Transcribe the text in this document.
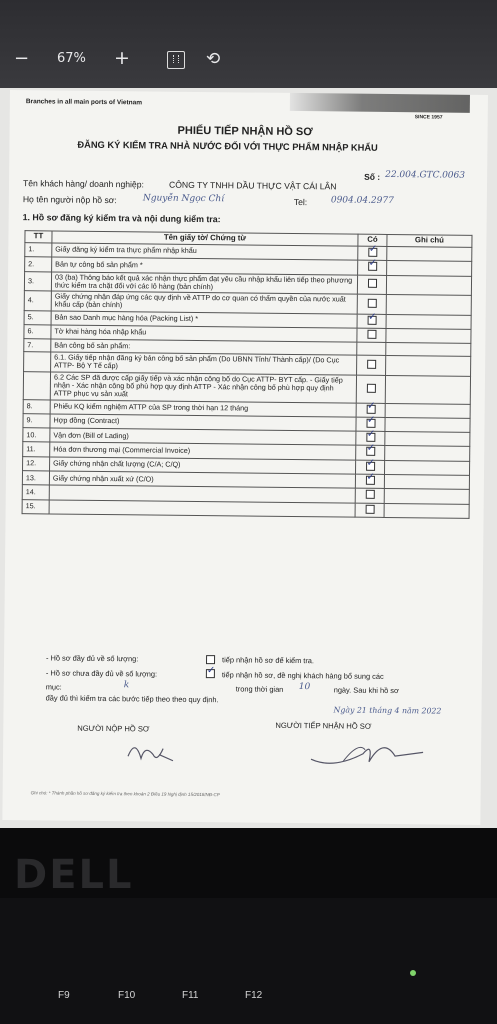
− 67% +	⟲
Branches in all main ports of Vietnam
SINCE 1957
PHIẾU TIẾP NHẬN HỒ SƠ
ĐĂNG KÝ KIỂM TRA NHÀ NƯỚC ĐỐI VỚI THỰC PHẨM NHẬP KHẨU
Số : 22.004.GTC.0063
Tên khách hàng/ doanh nghiệp:	CÔNG TY TNHH DẦU THỰC VẬT CÁI LÂN
Họ tên người nộp hồ sơ:	Nguyễn Ngọc Chí	Tel:	0904.04.2977
1. Hồ sơ đăng ký kiểm tra và nội dung kiểm tra:
TT	Tên giấy tờ/ Chứng từ	Có	Ghi chú
1.	Giấy đăng ký kiểm tra thực phẩm nhập khẩu	✓	
2.	Bản tự công bố sản phẩm *	✓	
3.	03 (ba) Thông báo kết quả xác nhận thực phẩm đạt yêu cầu nhập khẩu liên tiếp theo phương thức kiểm tra chặt đối với các lô hàng (bản chính)		
4.	Giấy chứng nhận đáp ứng các quy định về ATTP do cơ quan có thẩm quyền của nước xuất khẩu cấp (bản chính)		
5.	Bản sao Danh mục hàng hóa (Packing List) *	✓	
6.	Tờ khai hàng hóa nhập khẩu		
7.	Bản công bố sản phẩm:		
	6.1. Giấy tiếp nhận đăng ký bản công bố sản phẩm (Do UBNN Tỉnh/ Thành cấp)/ (Do Cục ATTP- Bộ Y Tế cấp)		
	6.2 Các SP đã được cấp giấy tiếp và xác nhận công bố do Cục ATTP- BYT cấp. - Giấy tiếp nhận - Xác nhận công bố phù hợp quy định ATTP - Xác nhận công bố phù hợp quy định ATTP phục vụ sản xuất		
8.	Phiếu KQ kiểm nghiệm ATTP của SP trong thời hạn 12 tháng	✓	
9.	Hợp đồng (Contract)	✓	
10.	Vận đơn (Bill of Lading)	✓	
11.	Hóa đơn thương mại (Commercial Invoice)	✓	
12.	Giấy chứng nhận chất lượng (C/A; C/Q)	✓	
13.	Giấy chứng nhận xuất xứ (C/O)	✓	
14.			
15.			
- Hồ sơ đầy đủ về số lượng:	tiếp nhận hồ sơ để kiểm tra.
- Hồ sơ chưa đầy đủ về số lượng: ✓	tiếp nhận hồ sơ, đề nghị khách hàng bổ sung các
mục:	k	trong thời gian 10	ngày. Sau khi hồ sơ
đầy đủ thì kiểm tra các bước tiếp theo theo quy định.
Ngày 21 tháng 4 năm 2022
NGƯỜI NỘP HỒ SƠ	NGƯỜI TIẾP NHẬN HỒ SƠ
Ghi chú: * Thành phần hồ sơ đăng ký kiểm tra theo khoản 2 Điều 19 Nghị định 15/2018/NĐ-CP
DELL
F9	F10	F11	F12
